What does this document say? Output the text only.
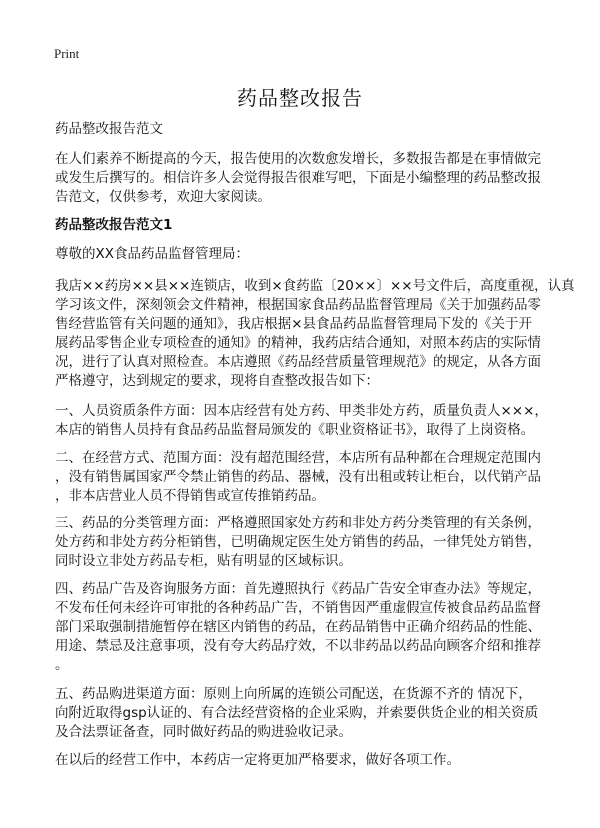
Print
药品整改报告
药品整改报告范文
在人们素养不断提高的今天，报告使用的次数愈发增长，多数报告都是在事情做完
或发生后撰写的。相信许多人会觉得报告很难写吧，下面是小编整理的药品整改报
告范文，仅供参考，欢迎大家阅读。
药品整改报告范文1
尊敬的XX食品药品监督管理局：
我店××药房××县××连锁店，收到×食药监〔20××〕××号文件后，高度重视，认真
学习该文件，深刻领会文件精神，根据国家食品药品监督管理局《关于加强药品零
售经营监管有关问题的通知》，我店根据×县食品药品监督管理局下发的《关于开
展药品零售企业专项检查的通知》的精神，我药店结合通知，对照本药店的实际情
况，进行了认真对照检查。本店遵照《药品经营质量管理规范》的规定，从各方面
严格遵守，达到规定的要求，现将自查整改报告如下：
一、人员资质条件方面：因本店经营有处方药、甲类非处方药，质量负责人×××，
本店的销售人员持有食品药品监督局颁发的《职业资格证书》，取得了上岗资格。
二、在经营方式、范围方面：没有超范围经营，本店所有品种都在合理规定范围内
，没有销售属国家严令禁止销售的药品、器械，没有出租或转让柜台，以代销产品
，非本店营业人员不得销售或宣传推销药品。
三、药品的分类管理方面：严格遵照国家处方药和非处方药分类管理的有关条例，
处方药和非处方药分柜销售，已明确规定医生处方销售的药品，一律凭处方销售，
同时设立非处方药品专柜，贴有明显的区域标识。
四、药品广告及咨询服务方面：首先遵照执行《药品广告安全审查办法》等规定，
不发布任何未经许可审批的各种药品广告，不销售因严重虚假宣传被食品药品监督
部门采取强制措施暂停在辖区内销售的药品，在药品销售中正确介绍药品的性能、
用途、禁忌及注意事项，没有夸大药品疗效，不以非药品以药品向顾客介绍和推荐
。
五、药品购进渠道方面：原则上向所属的连锁公司配送，在货源不齐的 情况下，
向附近取得gsp认证的、有合法经营资格的企业采购，并索要供货企业的相关资质
及合法票证备查，同时做好药品的购进验收记录。
在以后的经营工作中，本药店一定将更加严格要求，做好各项工作。
